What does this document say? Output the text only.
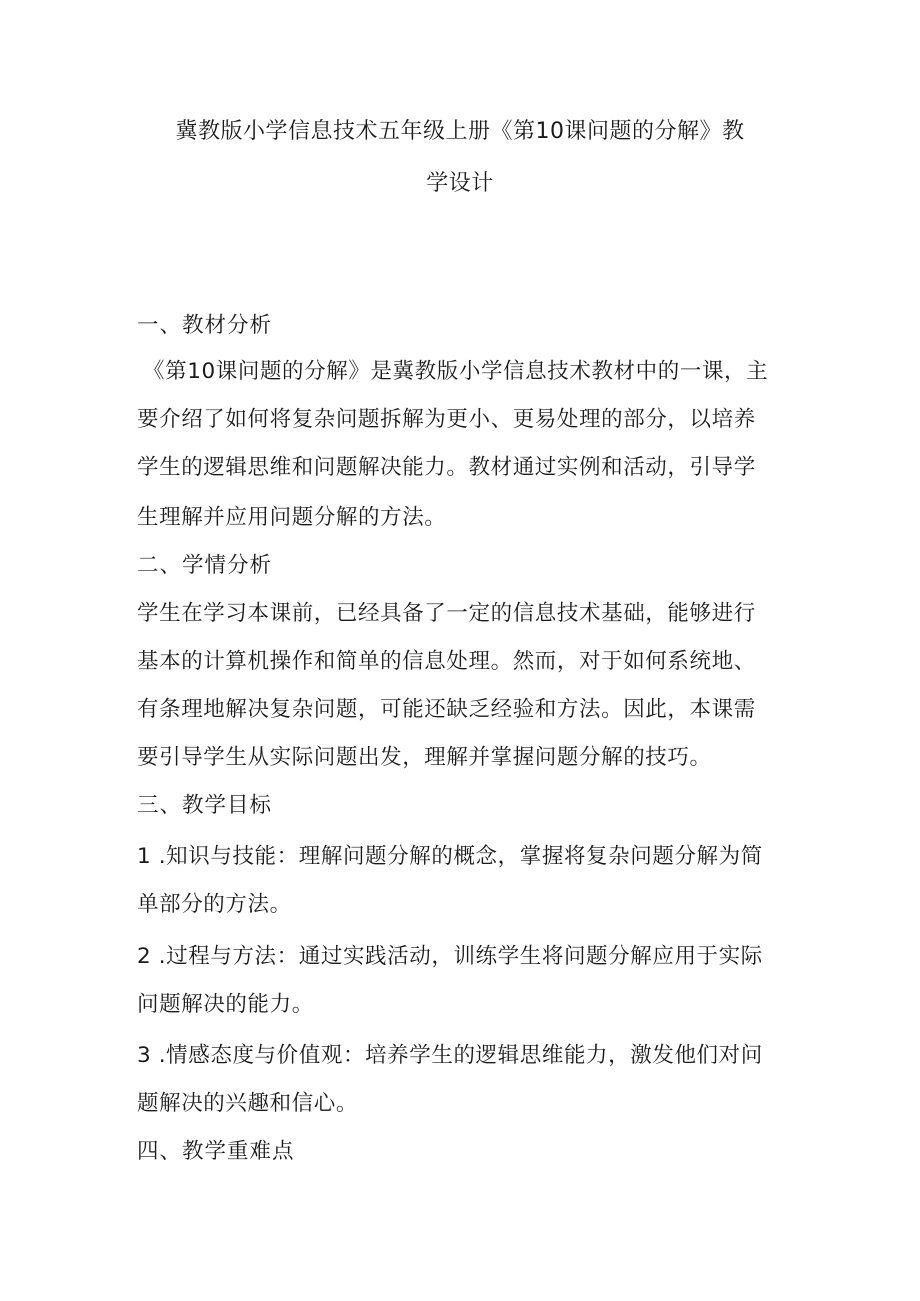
冀教版小学信息技术五年级上册《第10课问题的分解》教
学设计
一、教材分析
《第10课问题的分解》是冀教版小学信息技术教材中的一课，主
要介绍了如何将复杂问题拆解为更小、更易处理的部分，以培养
学生的逻辑思维和问题解决能力。教材通过实例和活动，引导学
生理解并应用问题分解的方法。
二、学情分析
学生在学习本课前，已经具备了一定的信息技术基础，能够进行
基本的计算机操作和简单的信息处理。然而，对于如何系统地、
有条理地解决复杂问题，可能还缺乏经验和方法。因此，本课需
要引导学生从实际问题出发，理解并掌握问题分解的技巧。
三、教学目标
1 .知识与技能：理解问题分解的概念，掌握将复杂问题分解为简
单部分的方法。
2 .过程与方法：通过实践活动，训练学生将问题分解应用于实际
问题解决的能力。
3 .情感态度与价值观：培养学生的逻辑思维能力，激发他们对问
题解决的兴趣和信心。
四、教学重难点
